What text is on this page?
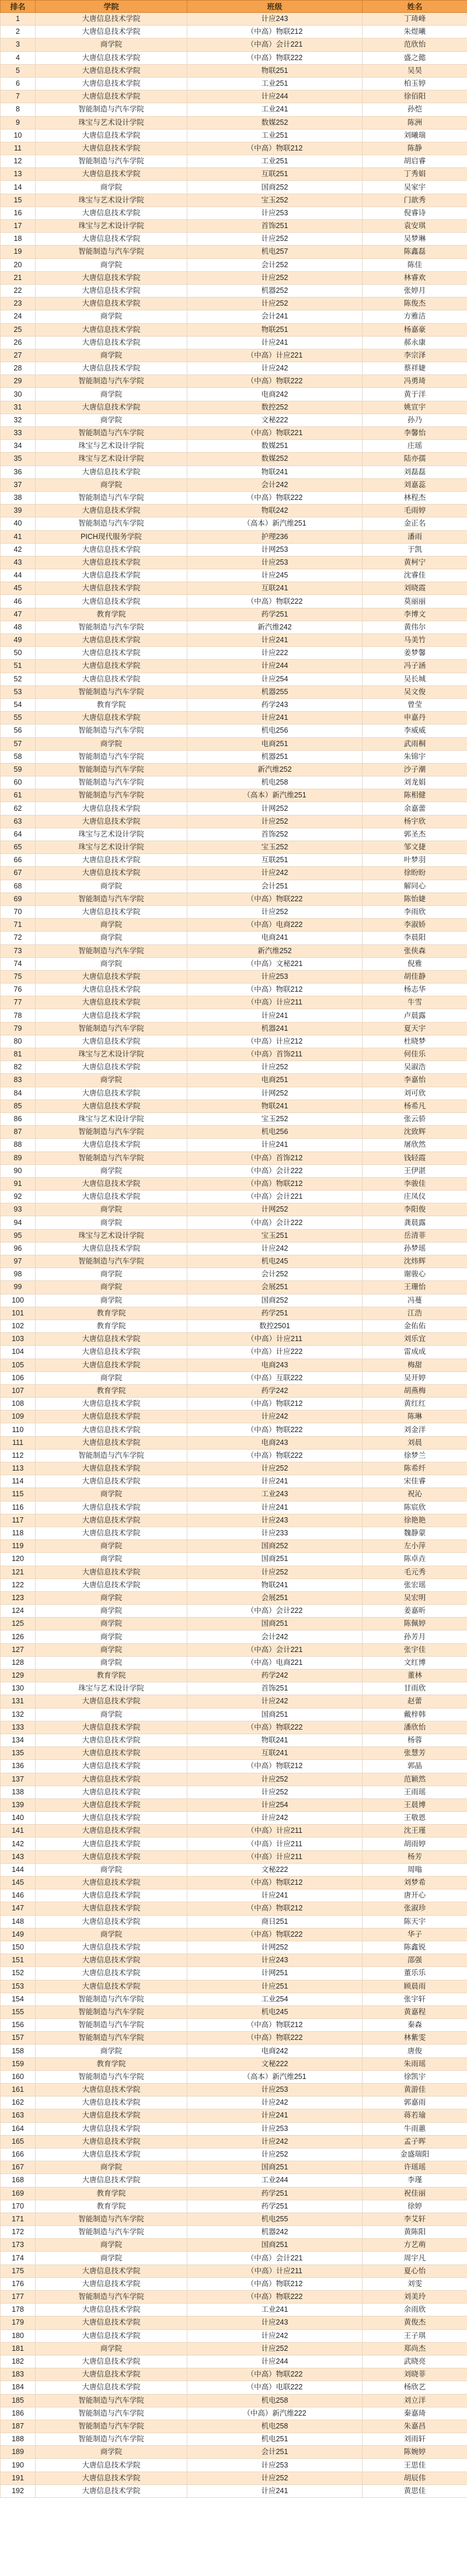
排名	学院	班级	姓名
1	大唐信息技术学院	计应243	丁琦峰
2	大唐信息技术学院	（中高）物联212	朱煜曦
3	商学院	（中高）会计221	范欣怡
4	大唐信息技术学院	（中高）物联222	盛之懿
5	大唐信息技术学院	物联251	吴昊
6	大唐信息技术学院	工业251	柏玉婷
7	大唐信息技术学院	计应244	徐佰阳
8	智能制造与汽车学院	工业241	孙恺
9	珠宝与艺术设计学院	数媒252	陈洲
10	大唐信息技术学院	工业251	刘曦瑞
11	大唐信息技术学院	（中高）物联212	陈静
12	智能制造与汽车学院	工业251	胡启睿
13	大唐信息技术学院	互联251	丁秀娟
14	商学院	国商252	吴家宇
15	珠宝与艺术设计学院	宝玉252	门歆秀
16	大唐信息技术学院	计应253	倪睿诗
17	珠宝与艺术设计学院	首饰251	袁安琪
18	大唐信息技术学院	计应252	吴梦琳
19	智能制造与汽车学院	机电257	陈鑫磊
20	商学院	会计252	陈佳
21	大唐信息技术学院	计应252	林睿欢
22	大唐信息技术学院	机器252	张婷月
23	大唐信息技术学院	计应252	陈俊杰
24	商学院	会计241	方雅洁
25	大唐信息技术学院	物联251	杨嘉豪
26	大唐信息技术学院	计应241	郝永康
27	商学院	（中高）计应221	李宗泽
28	大唐信息技术学院	计应242	蔡祥婕
29	智能制造与汽车学院	（中高）物联222	冯勇琦
30	商学院	电商242	黄于洋
31	大唐信息技术学院	数控252	姚宣宇
32	商学院	文秘222	孙乃
33	智能制造与汽车学院	（中高）物联221	李馨怡
34	珠宝与艺术设计学院	数媒251	庄瑶
35	珠宝与艺术设计学院	数媒252	陆亦孺
36	大唐信息技术学院	物联241	刘磊磊
37	商学院	会计242	刘嘉蕊
38	智能制造与汽车学院	（中高）物联222	林程杰
39	大唐信息技术学院	物联242	毛雨婷
40	智能制造与汽车学院	（高本）新汽维251	金正名
41	PICH现代服务学院	护理236	潘雨
42	大唐信息技术学院	计网253	于凯
43	大唐信息技术学院	计应253	黄柯宁
44	大唐信息技术学院	计应245	沈睿佳
45	大唐信息技术学院	互联241	刘晓霞
46	大唐信息技术学院	（中高）物联222	莫丽丽
47	教育学院	药学251	李博文
48	智能制造与汽车学院	新汽维242	黄伟尔
49	大唐信息技术学院	计应241	马美竹
50	大唐信息技术学院	计应222	姜梦馨
51	大唐信息技术学院	计应244	冯子涵
52	大唐信息技术学院	计应254	吴长城
53	智能制造与汽车学院	机器255	吴文俊
54	教育学院	药学243	曾莹
55	大唐信息技术学院	计应241	申嘉丹
56	智能制造与汽车学院	机电256	李威威
57	商学院	电商251	武雨桐
58	智能制造与汽车学院	机器251	朱锦宇
59	智能制造与汽车学院	新汽维252	沙子潮
60	智能制造与汽车学院	机电258	刘龙娟
61	智能制造与汽车学院	（高本）新汽维251	陈相健
62	大唐信息技术学院	计网252	余嘉蕾
63	大唐信息技术学院	计应252	杨宇欣
64	珠宝与艺术设计学院	首饰252	郭圣杰
65	珠宝与艺术设计学院	宝玉252	邹文捷
66	大唐信息技术学院	互联251	叶梦羽
67	大唐信息技术学院	计应242	徐盼盼
68	商学院	会计251	解同心
69	智能制造与汽车学院	（中高）物联222	陈怡婕
70	大唐信息技术学院	计应252	李雨欣
71	商学院	（中高）电商222	李淑娇
72	商学院	电商241	李晨阳
73	智能制造与汽车学院	新汽维252	张侠森
74	商学院	（中高）文秘221	倪雅
75	大唐信息技术学院	计应253	胡佳静
76	大唐信息技术学院	（中高）物联212	杨志华
77	大唐信息技术学院	（中高）计应211	牛雪
78	大唐信息技术学院	计应241	卢晨露
79	智能制造与汽车学院	机器241	夏天宇
80	大唐信息技术学院	（中高）计应212	杜晓梦
81	珠宝与艺术设计学院	（中高）首饰211	何佳乐
82	大唐信息技术学院	计应252	吴淑浩
83	商学院	电商251	李嘉怡
84	大唐信息技术学院	计网252	刘可欣
85	大唐信息技术学院	物联241	杨希凡
86	珠宝与艺术设计学院	宝玉252	张云骄
87	智能制造与汽车学院	机电256	沈致辉
88	大唐信息技术学院	计应241	屠欣然
89	智能制造与汽车学院	（中高）首饰212	钱轻霞
90	商学院	（中高）会计222	王伊湛
91	大唐信息技术学院	（中高）物联212	李骏佳
92	大唐信息技术学院	（中高）会计221	庄凤仪
93	商学院	计网252	李阳俊
94	商学院	（中高）会计222	龚晨露
95	珠宝与艺术设计学院	宝玉251	岳清菲
96	大唐信息技术学院	计应242	孙梦瑶
97	智能制造与汽车学院	机电245	沈炜辉
98	商学院	会计252	谢骏心
99	商学院	会展251	王珊怡
100	商学院	国商252	冯蔓
101	教育学院	药学251	江浩
102	教育学院	数控2501	金佑佑
103	大唐信息技术学院	（中高）计应211	刘乐宜
104	大唐信息技术学院	（中高）计应222	雷成成
105	大唐信息技术学院	电商243	梅甜
106	商学院	（中高）互联222	吴开婷
107	教育学院	药学242	胡燕梅
108	大唐信息技术学院	（中高）物联212	黄红红
109	大唐信息技术学院	计应242	陈琳
110	大唐信息技术学院	（中高）物联222	刘金洋
111	大唐信息技术学院	电商243	刘晨
112	智能制造与汽车学院	（中高）物联222	徐梦兰
113	大唐信息技术学院	计应252	陈希纤
114	大唐信息技术学院	计应241	宋佳睿
115	商学院	工业243	祝沁
116	大唐信息技术学院	计应241	陈宸欣
117	大唐信息技术学院	计应243	徐艳艳
118	大唐信息技术学院	计应233	魏静蒙
119	商学院	国商252	左小萍
120	商学院	国商251	陈卓垚
121	大唐信息技术学院	计应252	毛元秀
122	大唐信息技术学院	物联241	张宏瑶
123	商学院	会展251	吴宏明
124	商学院	（中高）会计222	姜嘉昕
125	商学院	国商251	陈佩婷
126	商学院	会计242	孙芳月
127	商学院	（中高）会计221	张宇佳
128	商学院	（中高）电商221	文红博
129	教育学院	药学242	董林
130	珠宝与艺术设计学院	首饰251	甘雨欣
131	大唐信息技术学院	计应242	赵蕾
132	商学院	国商251	戴梓韩
133	大唐信息技术学院	（中高）物联222	潘欣怡
134	大唐信息技术学院	物联241	杨蓉
135	大唐信息技术学院	互联241	张慧芳
136	大唐信息技术学院	（中高）物联212	郭晶
137	大唐信息技术学院	计应252	范颖然
138	大唐信息技术学院	计应252	王雨瑶
139	大唐信息技术学院	计应254	王晨博
140	大唐信息技术学院	计应242	王敬恩
141	大唐信息技术学院	（中高）计应211	沈王瑾
142	大唐信息技术学院	（中高）计应211	胡雨婷
143	大唐信息技术学院	（中高）计应211	杨芳
144	商学院	文秘222	周嗡
145	大唐信息技术学院	（中高）物联212	刘梦希
146	大唐信息技术学院	计应241	唐开心
147	大唐信息技术学院	（中高）物联212	张淑珍
148	大唐信息技术学院	商日251	陈天宇
149	商学院	（中高）物联222	华子
150	大唐信息技术学院	计网252	陈鑫锐
151	大唐信息技术学院	计应243	邵强
152	大唐信息技术学院	计网251	董乐乐
153	大唐信息技术学院	计应251	顾晨雨
154	智能制造与汽车学院	工业254	张宇轩
155	智能制造与汽车学院	机电245	黄嘉程
156	智能制造与汽车学院	（中高）物联212	秦森
157	智能制造与汽车学院	（中高）物联222	林紫雯
158	商学院	电商242	唐俊
159	教育学院	文秘222	朱雨瑶
160	智能制造与汽车学院	（高本）新汽维251	徐凯宇
161	大唐信息技术学院	计应253	黄游佳
162	大唐信息技术学院	计应242	郭嘉雨
163	大唐信息技术学院	计应241	蒋若瑜
164	大唐信息技术学院	计应253	牛雨蕙
165	大唐信息技术学院	计应242	孟子晖
166	大唐信息技术学院	计应252	金盛瑞阳
167	商学院	国商251	许瑶瑶
168	大唐信息技术学院	工业244	李瑾
169	教育学院	药学251	祝佳丽
170	教育学院	药学251	徐婷
171	智能制造与汽车学院	机电255	李艾轩
172	智能制造与汽车学院	机器242	黄陈阳
173	商学院	国商251	方艺萌
174	商学院	（中高）会计221	周宇凡
175	大唐信息技术学院	（中高）计应211	夏心怡
176	大唐信息技术学院	（中高）物联212	刘雯
177	智能制造与汽车学院	（中高）物联222	刘美玲
178	大唐信息技术学院	工业241	余雨欣
179	大唐信息技术学院	计应243	黄俊杰
180	大唐信息技术学院	计应242	王子琪
181	商学院	计应252	郑尚杰
182	大唐信息技术学院	计应244	武晓亮
183	大唐信息技术学院	（中高）物联222	刘晓菲
184	大唐信息技术学院	（中高）电联222	杨欣艺
185	智能制造与汽车学院	机电258	刘立洋
186	智能制造与汽车学院	（中高）新汽维222	秦嘉琦
187	智能制造与汽车学院	机电258	朱嘉昌
188	智能制造与汽车学院	机电251	刘雨轩
189	商学院	会计251	陈婉婷
190	大唐信息技术学院	计应253	王思佳
191	大唐信息技术学院	计应252	胡辰伟
192	大唐信息技术学院	计应241	黄思佳
